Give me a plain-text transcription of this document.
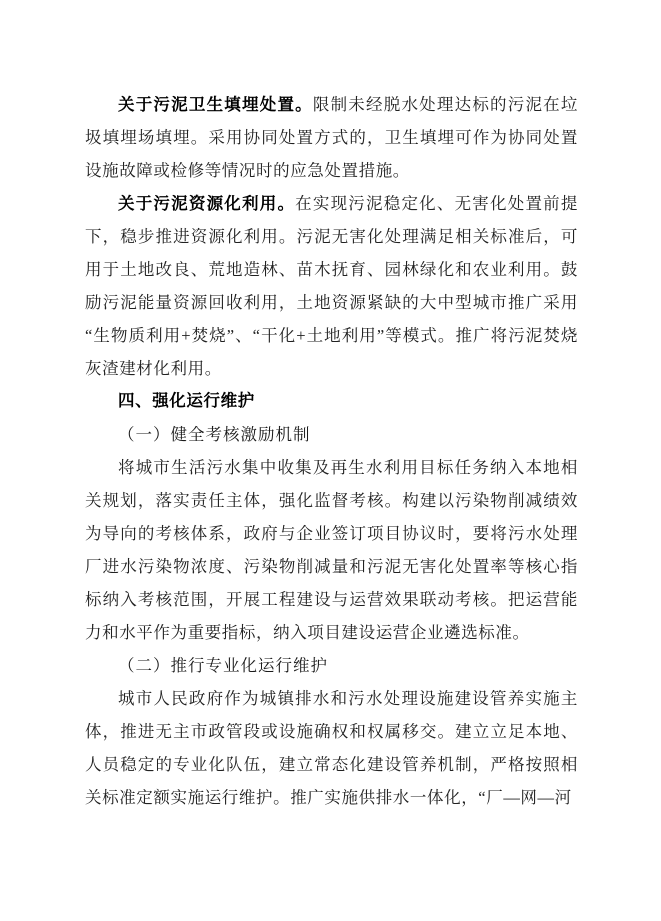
关于污泥卫生填埋处置。限制未经脱水处理达标的污泥在垃圾填埋场填埋。采用协同处置方式的，卫生填埋可作为协同处置设施故障或检修等情况时的应急处置措施。

关于污泥资源化利用。在实现污泥稳定化、无害化处置前提下，稳步推进资源化利用。污泥无害化处理满足相关标准后，可用于土地改良、荒地造林、苗木抚育、园林绿化和农业利用。鼓励污泥能量资源回收利用，土地资源紧缺的大中型城市推广采用“生物质利用+焚烧”、“干化+土地利用”等模式。推广将污泥焚烧灰渣建材化利用。

四、强化运行维护
（一）健全考核激励机制

将城市生活污水集中收集及再生水利用目标任务纳入本地相关规划，落实责任主体，强化监督考核。构建以污染物削减绩效为导向的考核体系，政府与企业签订项目协议时，要将污水处理厂进水污染物浓度、污染物削减量和污泥无害化处置率等核心指标纳入考核范围，开展工程建设与运营效果联动考核。把运营能力和水平作为重要指标，纳入项目建设运营企业遴选标准。

（二）推行专业化运行维护

城市人民政府作为城镇排水和污水处理设施建设管养实施主体，推进无主市政管段或设施确权和权属移交。建立立足本地、人员稳定的专业化队伍，建立常态化建设管养机制，严格按照相关标准定额实施运行维护。推广实施供排水一体化，“厂—网—河
